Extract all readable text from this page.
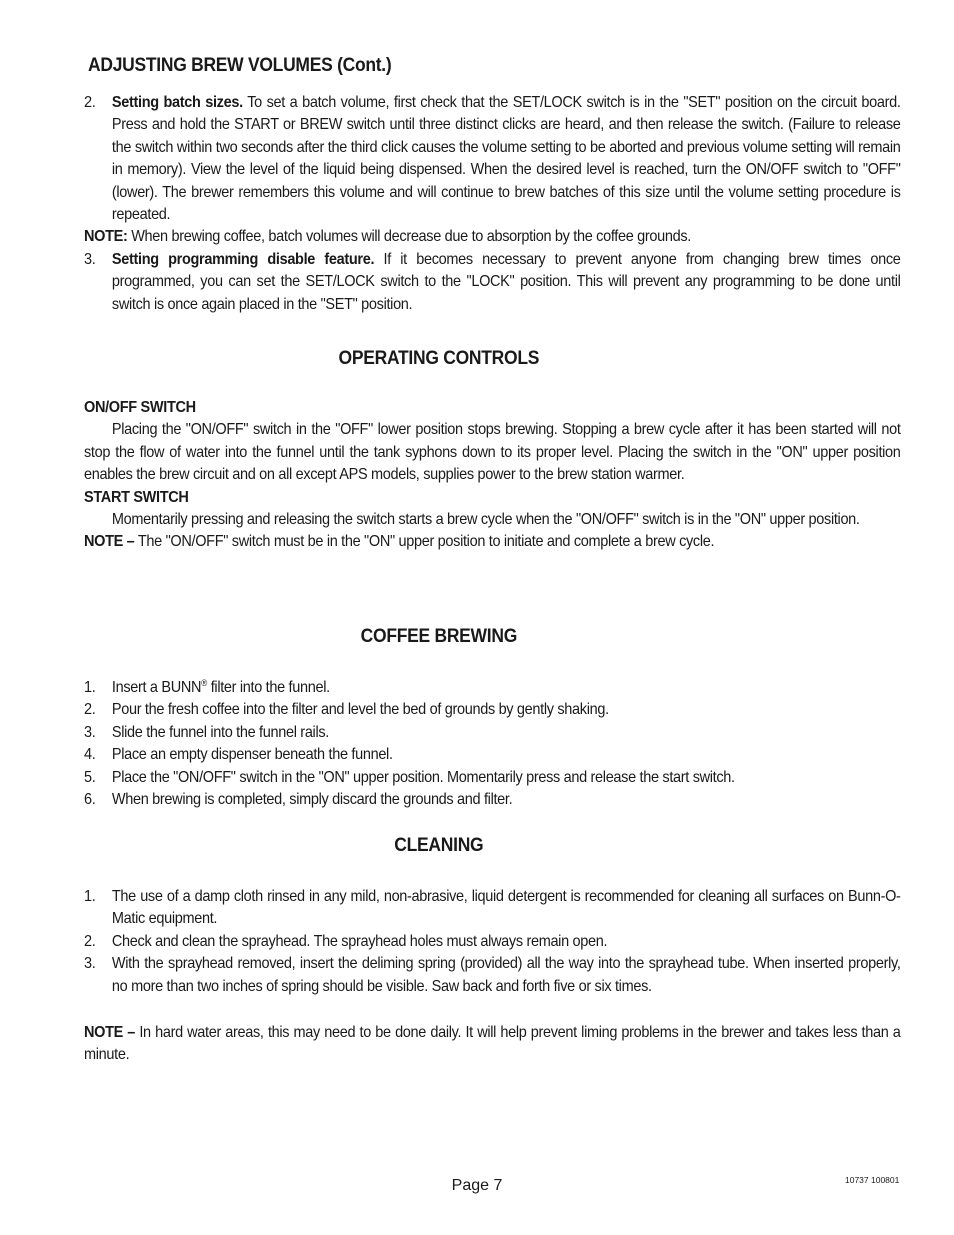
ADJUSTING BREW VOLUMES (Cont.)
2.	Setting batch sizes. To set a batch volume, first check that the SET/LOCK switch is in the "SET" position on the circuit board. Press and hold the START or BREW switch until three distinct clicks are heard, and then release the switch. (Failure to release the switch within two seconds after the third click causes the volume setting to be aborted and previous volume setting will remain in memory). View the level of the liquid being dispensed. When the desired level is reached, turn the ON/OFF switch to "OFF" (lower). The brewer remembers this volume and will continue to brew batches of this size until the volume setting procedure is repeated.
NOTE: When brewing coffee, batch volumes will decrease due to absorption by the coffee grounds.
3.	Setting programming disable feature. If it becomes necessary to prevent anyone from changing brew times once programmed, you can set the SET/LOCK switch to the "LOCK" position. This will prevent any programming to be done until switch is once again placed in the "SET" position.
OPERATING CONTROLS
ON/OFF SWITCH
Placing the "ON/OFF" switch in the "OFF" lower position stops brewing. Stopping a brew cycle after it has been started will not stop the flow of water into the funnel until the tank syphons down to its proper level. Placing the switch in the "ON" upper position enables the brew circuit and on all except APS models, supplies power to the brew station warmer.
START SWITCH
Momentarily pressing and releasing the switch starts a brew cycle when the "ON/OFF" switch is in the "ON" upper position.
NOTE – The "ON/OFF" switch must be in the "ON" upper position to initiate and complete a brew cycle.
COFFEE BREWING
1.	Insert a BUNN® filter into the funnel.
2.	Pour the fresh coffee into the filter and level the bed of grounds by gently shaking.
3.	Slide the funnel into the funnel rails.
4.	Place an empty dispenser beneath the funnel.
5.	Place the "ON/OFF" switch in the "ON" upper position. Momentarily press and release the start switch.
6.	When brewing is completed, simply discard the grounds and filter.
CLEANING
1.	The use of a damp cloth rinsed in any mild, non-abrasive, liquid detergent is recommended for cleaning all surfaces on Bunn-O-Matic equipment.
2.	Check and clean the sprayhead. The sprayhead holes must always remain open.
3.	With the sprayhead removed, insert the deliming spring (provided) all the way into the sprayhead tube. When inserted properly, no more than two inches of spring should be visible. Saw back and forth five or six times.
NOTE – In hard water areas, this may need to be done daily. It will help prevent liming problems in the brewer and takes less than a minute.
Page 7	10737 100801
